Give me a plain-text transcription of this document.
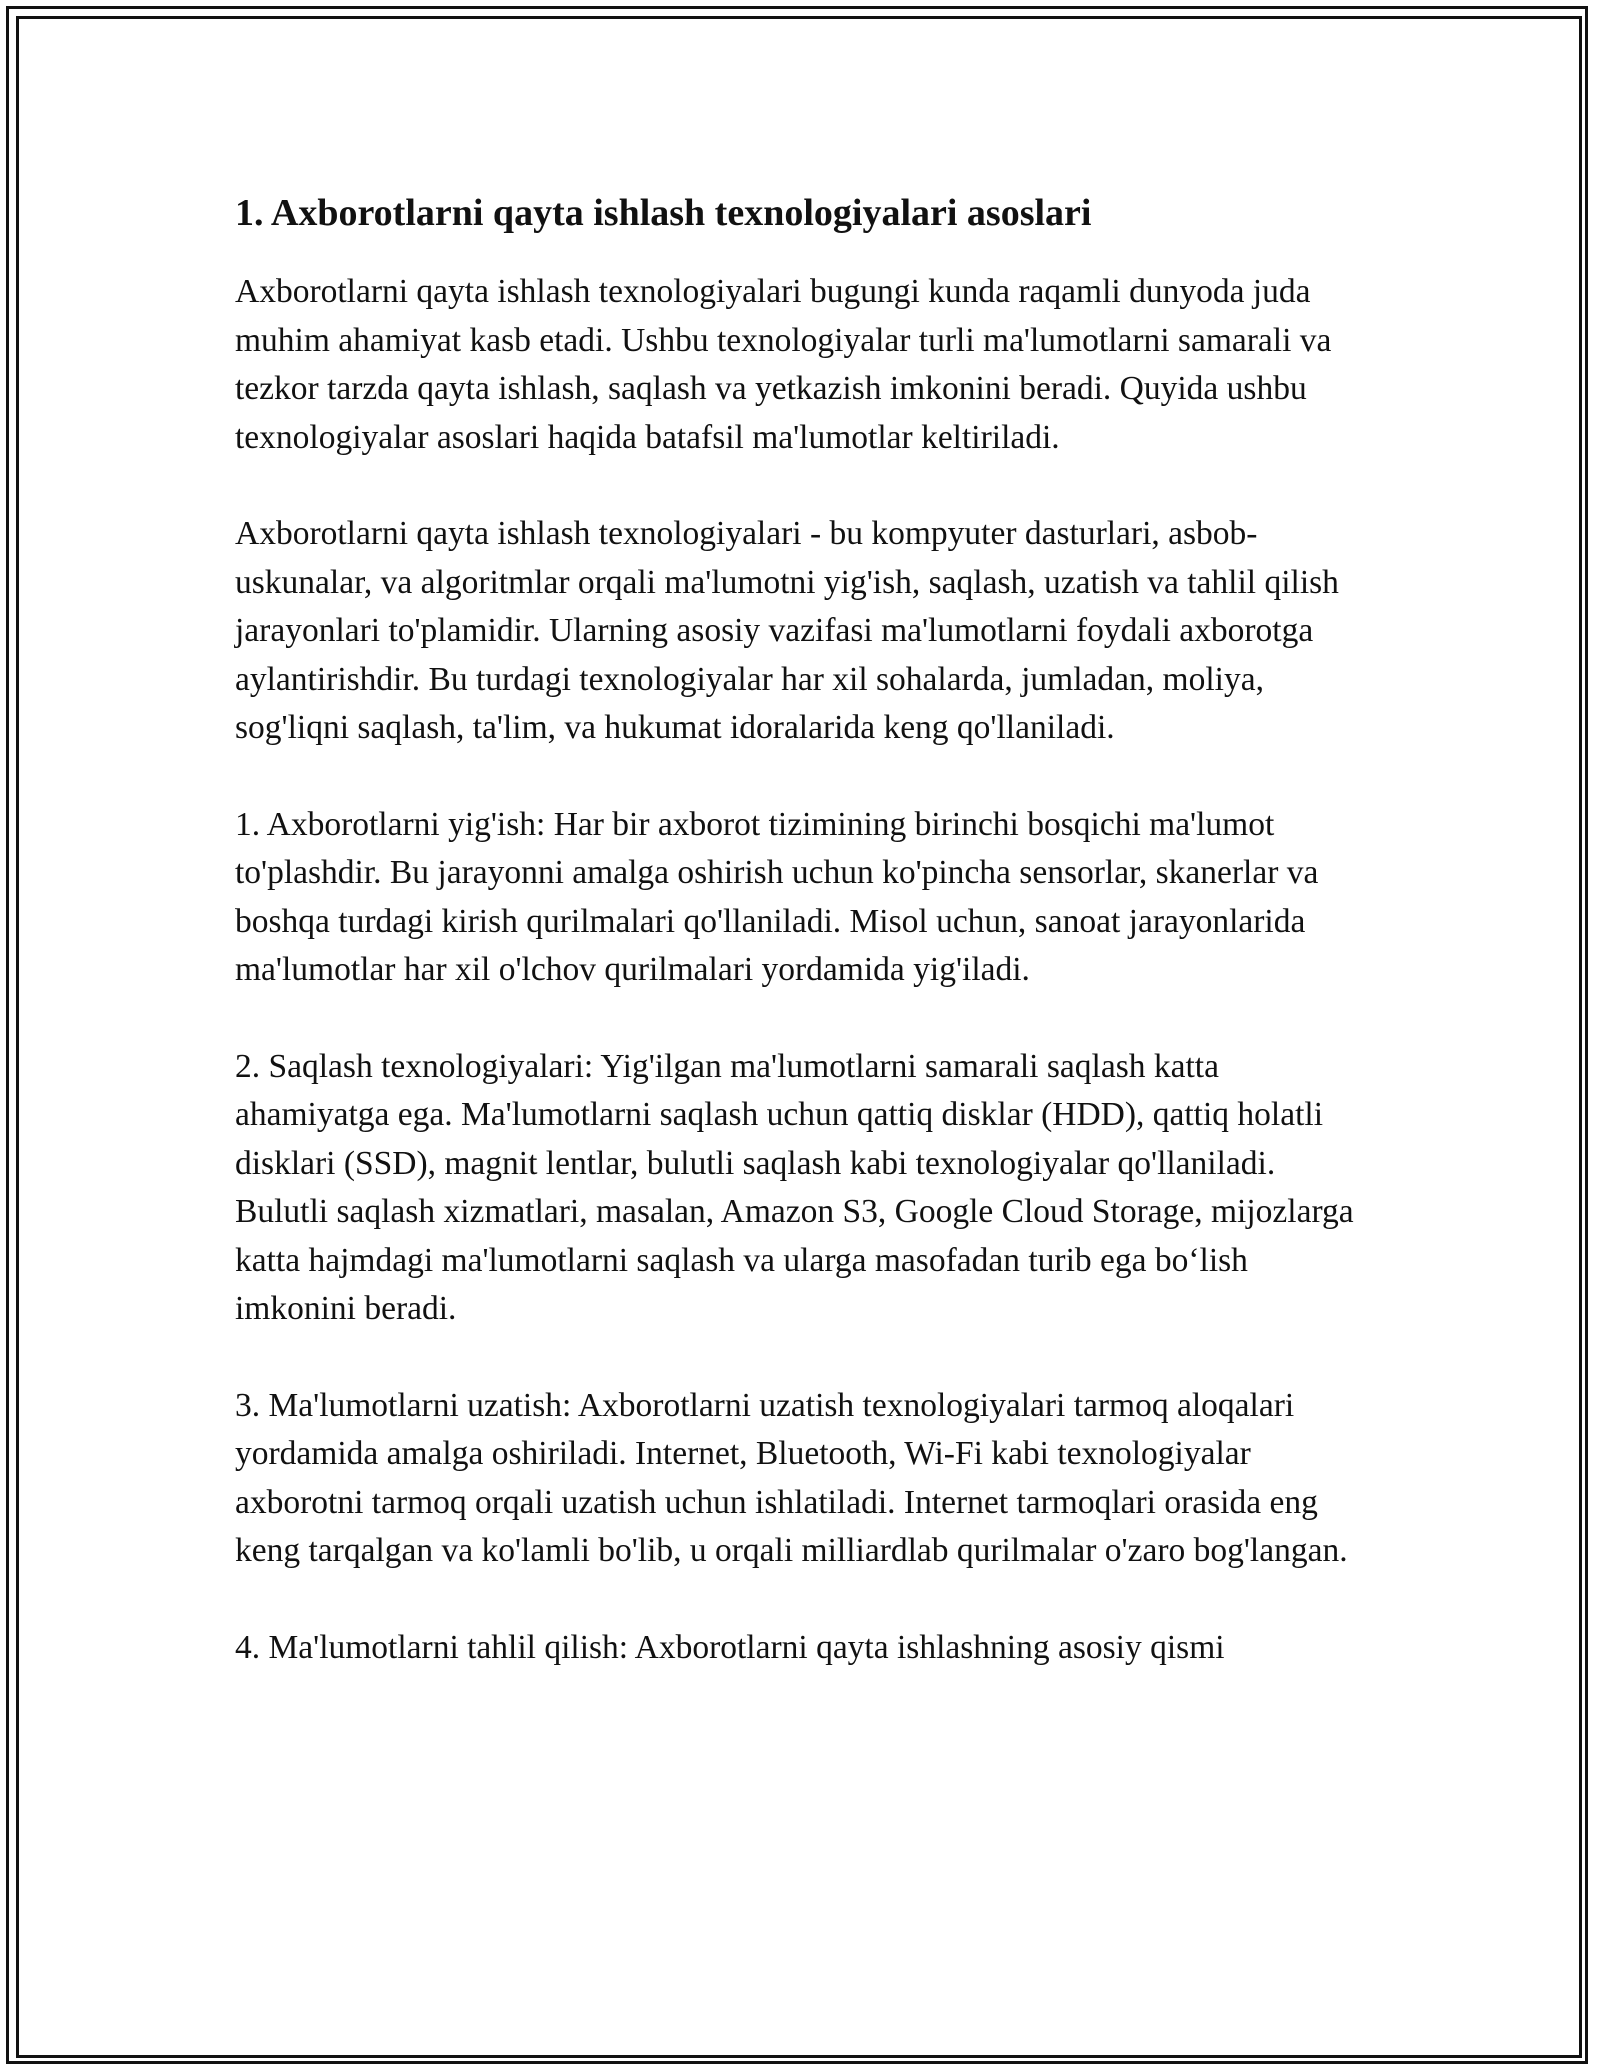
1. Axborotlarni qayta ishlash texnologiyalari asoslari

Axborotlarni qayta ishlash texnologiyalari bugungi kunda raqamli dunyoda juda muhim ahamiyat kasb etadi. Ushbu texnologiyalar turli ma'lumotlarni samarali va tezkor tarzda qayta ishlash, saqlash va yetkazish imkonini beradi. Quyida ushbu texnologiyalar asoslari haqida batafsil ma'lumotlar keltiriladi.

Axborotlarni qayta ishlash texnologiyalari - bu kompyuter dasturlari, asbob-uskunalar, va algoritmlar orqali ma'lumotni yig'ish, saqlash, uzatish va tahlil qilish jarayonlari to'plamidir. Ularning asosiy vazifasi ma'lumotlarni foydali axborotga aylantirishdir. Bu turdagi texnologiyalar har xil sohalarda, jumladan, moliya, sog'liqni saqlash, ta'lim, va hukumat idoralarida keng qo'llaniladi.

1. Axborotlarni yig'ish: Har bir axborot tizimining birinchi bosqichi ma'lumot to'plashdir. Bu jarayonni amalga oshirish uchun ko'pincha sensorlar, skanerlar va boshqa turdagi kirish qurilmalari qo'llaniladi. Misol uchun, sanoat jarayonlarida ma'lumotlar har xil o'lchov qurilmalari yordamida yig'iladi.

2. Saqlash texnologiyalari: Yig'ilgan ma'lumotlarni samarali saqlash katta ahamiyatga ega. Ma'lumotlarni saqlash uchun qattiq disklar (HDD), qattiq holatli disklari (SSD), magnit lentlar, bulutli saqlash kabi texnologiyalar qo'llaniladi. Bulutli saqlash xizmatlari, masalan, Amazon S3, Google Cloud Storage, mijozlarga katta hajmdagi ma'lumotlarni saqlash va ularga masofadan turib ega bo‘lish imkonini beradi.

3. Ma'lumotlarni uzatish: Axborotlarni uzatish texnologiyalari tarmoq aloqalari yordamida amalga oshiriladi. Internet, Bluetooth, Wi-Fi kabi texnologiyalar axborotni tarmoq orqali uzatish uchun ishlatiladi. Internet tarmoqlari orasida eng keng tarqalgan va ko'lamli bo'lib, u orqali milliardlab qurilmalar o'zaro bog'langan.

4. Ma'lumotlarni tahlil qilish: Axborotlarni qayta ishlashning asosiy qismi
